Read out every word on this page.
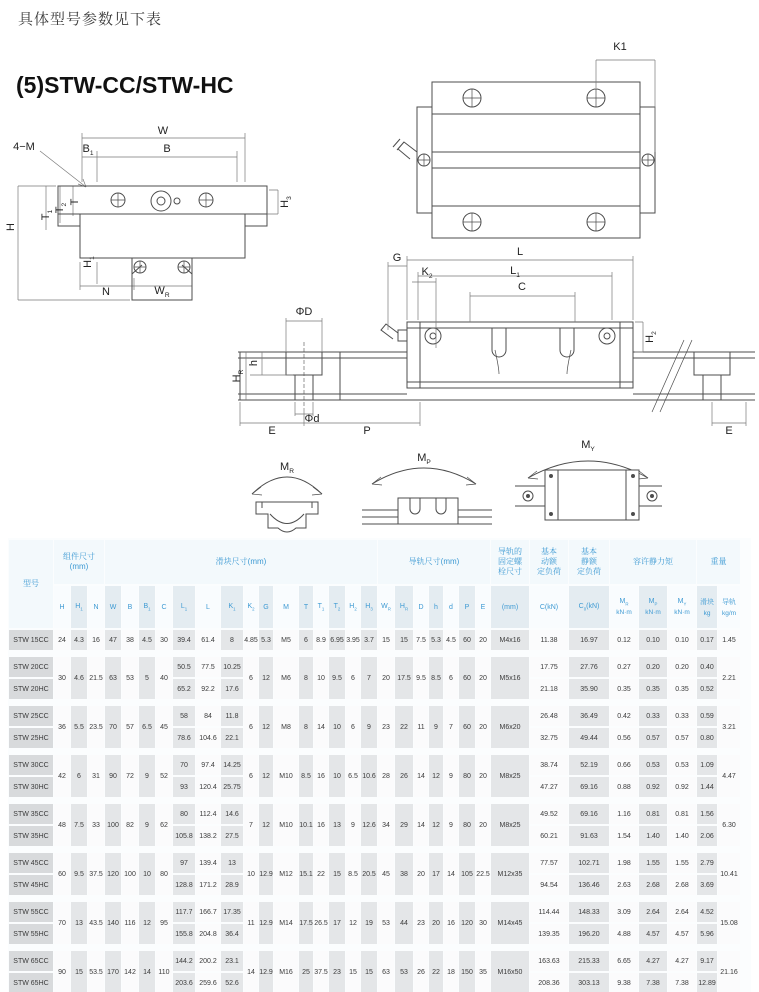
具体型号参数见下表
(5)STW-CC/STW-HC
W
4−M	$B_1$	B
T
$T_2$
$T_1$
H
$H_3$
$H_1$
N	$W_R$
K1
G	L
$K_2$	$L_1$
C
$H_2$
ΦD
h
$H_R$
Φd
E	P	E
$M_R$
$M_P$
$M_Y$
型号

组件尺寸
(mm)

滑块尺寸(mm)	导轨尺寸(mm)

导轨的
固定螺
栓尺寸

基本
动额
定负荷

基本
静额
定负荷

容许静力矩	重量

	H	$H_1$	N	W	B	$B_1$	C	$L_1$	L	$K_1$	$K_2$	G	M	T	$T_1$	$T_2$	$H_2$	$H_3$	$W_R$	$H_R$	D	h	d	P	E	(mm)	C(kN)	$C_0(kN)$	$M_R$
kN·m	$M_P$
kN·m	$M_Y$
kN·m	滑块
kg	导轨
kg/m

STW 15CC	24	4.3	16	47	38	4.5	30	39.4	61.4	8	4.85	5.3	M5	6	8.9	6.95	3.95	3.7	15	15	7.5	5.3	4.5	60	20	M4x16	11.38	16.97	0.12	0.10	0.10	0.17	1.45

STW 20CC	30	4.6	21.5	63	53	5	40	50.5	77.5	10.25	6	12	M6	8	10	9.5	6	7	20	17.5	9.5	8.5	6	60	20	M5x16	17.75	27.76	0.27	0.20	0.20	0.40	2.21
STW 20HC								65.2	92.2	17.6																	21.18	35.90	0.35	0.35	0.35	0.52	

STW 25CC	36	5.5	23.5	70	57	6.5	45	58	84	11.8	6	12	M8	8	14	10	6	9	23	22	11	9	7	60	20	M6x20	26.48	36.49	0.42	0.33	0.33	0.59	3.21
STW 25HC								78.6	104.6	22.1																	32.75	49.44	0.56	0.57	0.57	0.80	

STW 30CC	42	6	31	90	72	9	52	70	97.4	14.25	6	12	M10	8.5	16	10	6.5	10.6	28	26	14	12	9	80	20	M8x25	38.74	52.19	0.66	0.53	0.53	1.09	4.47
STW 30HC								93	120.4	25.75																	47.27	69.16	0.88	0.92	0.92	1.44	

STW 35CC	48	7.5	33	100	82	9	62	80	112.4	14.6	7	12	M10	10.1	16	13	9	12.6	34	29	14	12	9	80	20	M8x25	49.52	69.16	1.16	0.81	0.81	1.56	6.30
STW 35HC								105.8	138.2	27.5																	60.21	91.63	1.54	1.40	1.40	2.06	

STW 45CC	60	9.5	37.5	120	100	10	80	97	139.4	13	10	12.9	M12	15.1	22	15	8.5	20.5	45	38	20	17	14	105	22.5	M12x35	77.57	102.71	1.98	1.55	1.55	2.79	10.41
STW 45HC								128.8	171.2	28.9																	94.54	136.46	2.63	2.68	2.68	3.69	

STW 55CC	70	13	43.5	140	116	12	95	117.7	166.7	17.35	11	12.9	M14	17.5	26.5	17	12	19	53	44	23	20	16	120	30	M14x45	114.44	148.33	3.09	2.64	2.64	4.52	15.08
STW 55HC								155.8	204.8	36.4																	139.35	196.20	4.88	4.57	4.57	5.96	

STW 65CC	90	15	53.5	170	142	14	110	144.2	200.2	23.1	14	12.9	M16	25	37.5	23	15	15	63	53	26	22	18	150	35	M16x50	163.63	215.33	6.65	4.27	4.27	9.17	21.16
STW 65HC								203.6	259.6	52.6																	208.36	303.13	9.38	7.38	7.38	12.89	
